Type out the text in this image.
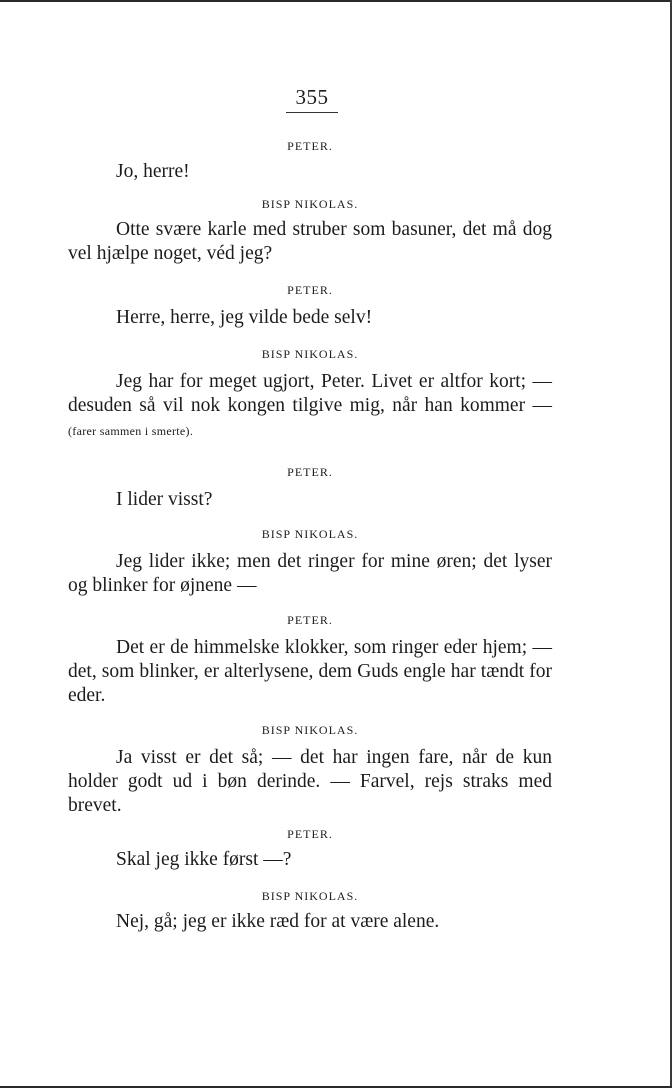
355

PETER.

Jo, herre!

BISP NIKOLAS.

Otte svære karle med struber som basuner, det må dog vel hjælpe noget, véd jeg?

PETER.

Herre, herre, jeg vilde bede selv!

BISP NIKOLAS.

Jeg har for meget ugjort, Peter. Livet er altfor kort; — desuden så vil nok kongen tilgive mig, når han kommer — (farer sammen i smerte).

PETER.

I lider visst?

BISP NIKOLAS.

Jeg lider ikke; men det ringer for mine øren; det lyser og blinker for øjnene —

PETER.

Det er de himmelske klokker, som ringer eder hjem; — det, som blinker, er alterlysene, dem Guds engle har tændt for eder.

BISP NIKOLAS.

Ja visst er det så; — det har ingen fare, når de kun holder godt ud i bøn derinde. — Farvel, rejs straks med brevet.

PETER.

Skal jeg ikke først —?

BISP NIKOLAS.

Nej, gå; jeg er ikke ræd for at være alene.
